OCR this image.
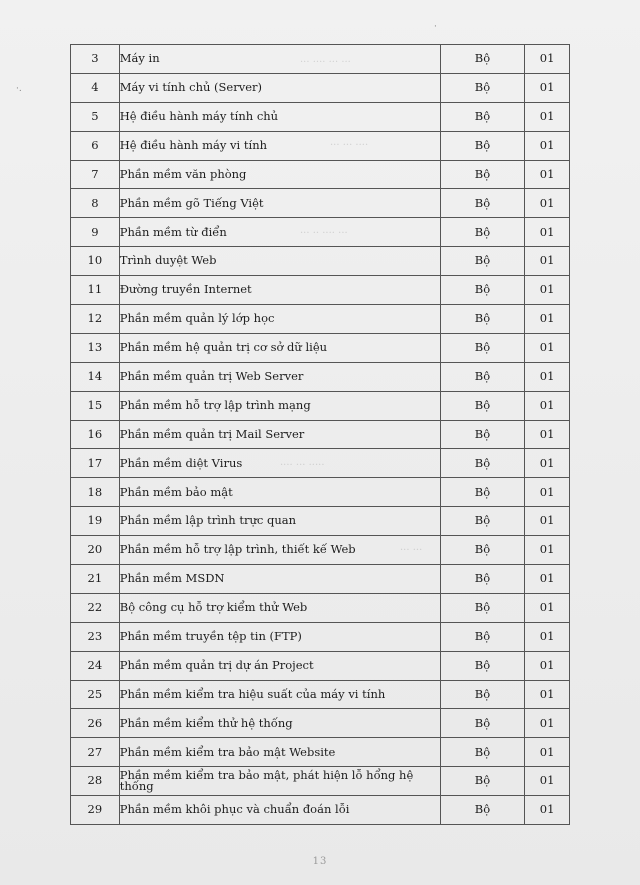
··· ···· ··· ···
··· ··· ····
··· ·· ···· ···
···· ··· ·····
··· ···
·
·.
3	Máy in	Bộ	01
4	Máy vi tính chủ (Server)	Bộ	01
5	Hệ điều hành máy tính chủ	Bộ	01
6	Hệ điều hành máy vi tính	Bộ	01
7	Phần mềm văn phòng	Bộ	01
8	Phần mềm gõ Tiếng Việt	Bộ	01
9	Phần mềm từ điển	Bộ	01
10	Trình duyệt Web	Bộ	01
11	Đường truyền Internet	Bộ	01
12	Phần mềm quản lý lớp học	Bộ	01
13	Phần mềm hệ quản trị cơ sở dữ liệu	Bộ	01
14	Phần mềm quản trị Web Server	Bộ	01
15	Phần mềm hỗ trợ lập trình mạng	Bộ	01
16	Phần mềm quản trị Mail Server	Bộ	01
17	Phần mềm diệt Virus	Bộ	01
18	Phần mềm bảo mật	Bộ	01
19	Phần mềm lập trình trực quan	Bộ	01
20	Phần mềm hỗ trợ lập trình, thiết kế Web	Bộ	01
21	Phần mềm MSDN	Bộ	01
22	Bộ công cụ hỗ trợ kiểm thử Web	Bộ	01
23	Phần mềm truyền tệp tin (FTP)	Bộ	01
24	Phần mềm quản trị dự án Project	Bộ	01
25	Phần mềm kiểm tra hiệu suất của máy vi tính	Bộ	01
26	Phần mềm kiểm thử hệ thống	Bộ	01
27	Phần mềm kiểm tra bảo mật Website	Bộ	01
28	Phần mềm kiểm tra bảo mật, phát hiện lỗ hổng hệ thống	Bộ	01
29	Phần mềm khôi phục và chuẩn đoán lỗi	Bộ	01
13
